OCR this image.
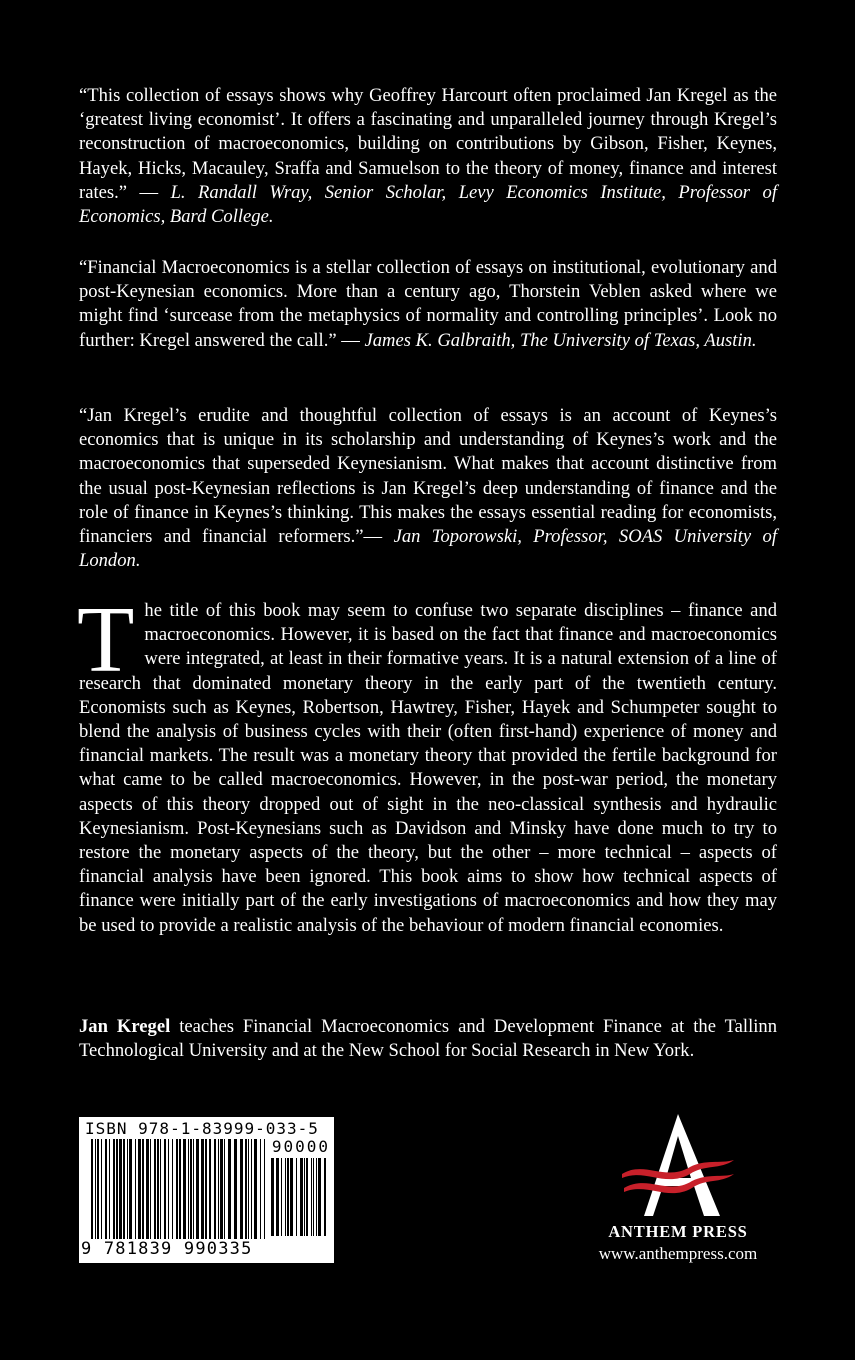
“This collection of essays shows why Geoffrey Harcourt often proclaimed Jan Kregel as the ‘greatest living economist’. It offers a fascinating and unparalleled journey through Kregel’s reconstruction of macroeconomics, building on contributions by Gibson, Fisher, Keynes, Hayek, Hicks, Macauley, Sraffa and Samuelson to the theory of money, finance and interest rates.” — L. Randall Wray, Senior Scholar, Levy Economics Institute, Professor of Economics, Bard College.

“Financial Macroeconomics is a stellar collection of essays on institutional, evolutionary and post-Keynesian economics. More than a century ago, Thorstein Veblen asked where we might find ‘surcease from the metaphysics of normality and controlling principles’. Look no further: Kregel answered the call.” — James K. Galbraith, The University of Texas, Austin.

“Jan Kregel’s erudite and thoughtful collection of essays is an account of Keynes’s economics that is unique in its scholarship and understanding of Keynes’s work and the macroeconomics that superseded Keynesianism. What makes that account distinctive from the usual post-Keynesian reflections is Jan Kregel’s deep understanding of finance and the role of finance in Keynes’s thinking. This makes the essays essential reading for economists, financiers and financial reformers.”— Jan Toporowski, Professor, SOAS University of London.

The title of this book may seem to confuse two separate disciplines – finance and macroeconomics. However, it is based on the fact that finance and macroeconomics were integrated, at least in their formative years. It is a natural extension of a line of research that dominated monetary theory in the early part of the twentieth century. Economists such as Keynes, Robertson, Hawtrey, Fisher, Hayek and Schumpeter sought to blend the analysis of business cycles with their (often first-hand) experience of money and financial markets. The result was a monetary theory that provided the fertile background for what came to be called macroeconomics. However, in the post-war period, the monetary aspects of this theory dropped out of sight in the neo-classical synthesis and hydraulic Keynesianism. Post-Keynesians such as Davidson and Minsky have done much to try to restore the monetary aspects of the theory, but the other – more technical – aspects of financial analysis have been ignored. This book aims to show how technical aspects of finance were initially part of the early investigations of macroeconomics and how they may be used to provide a realistic analysis of the behaviour of modern financial economies.

Jan Kregel teaches Financial Macroeconomics and Development Finance at the Tallinn Technological University and at the New School for Social Research in New York.

ISBN 978-1-83999-033-5
90000
9 781839 990335
ANTHEM PRESS
www.anthempress.com
